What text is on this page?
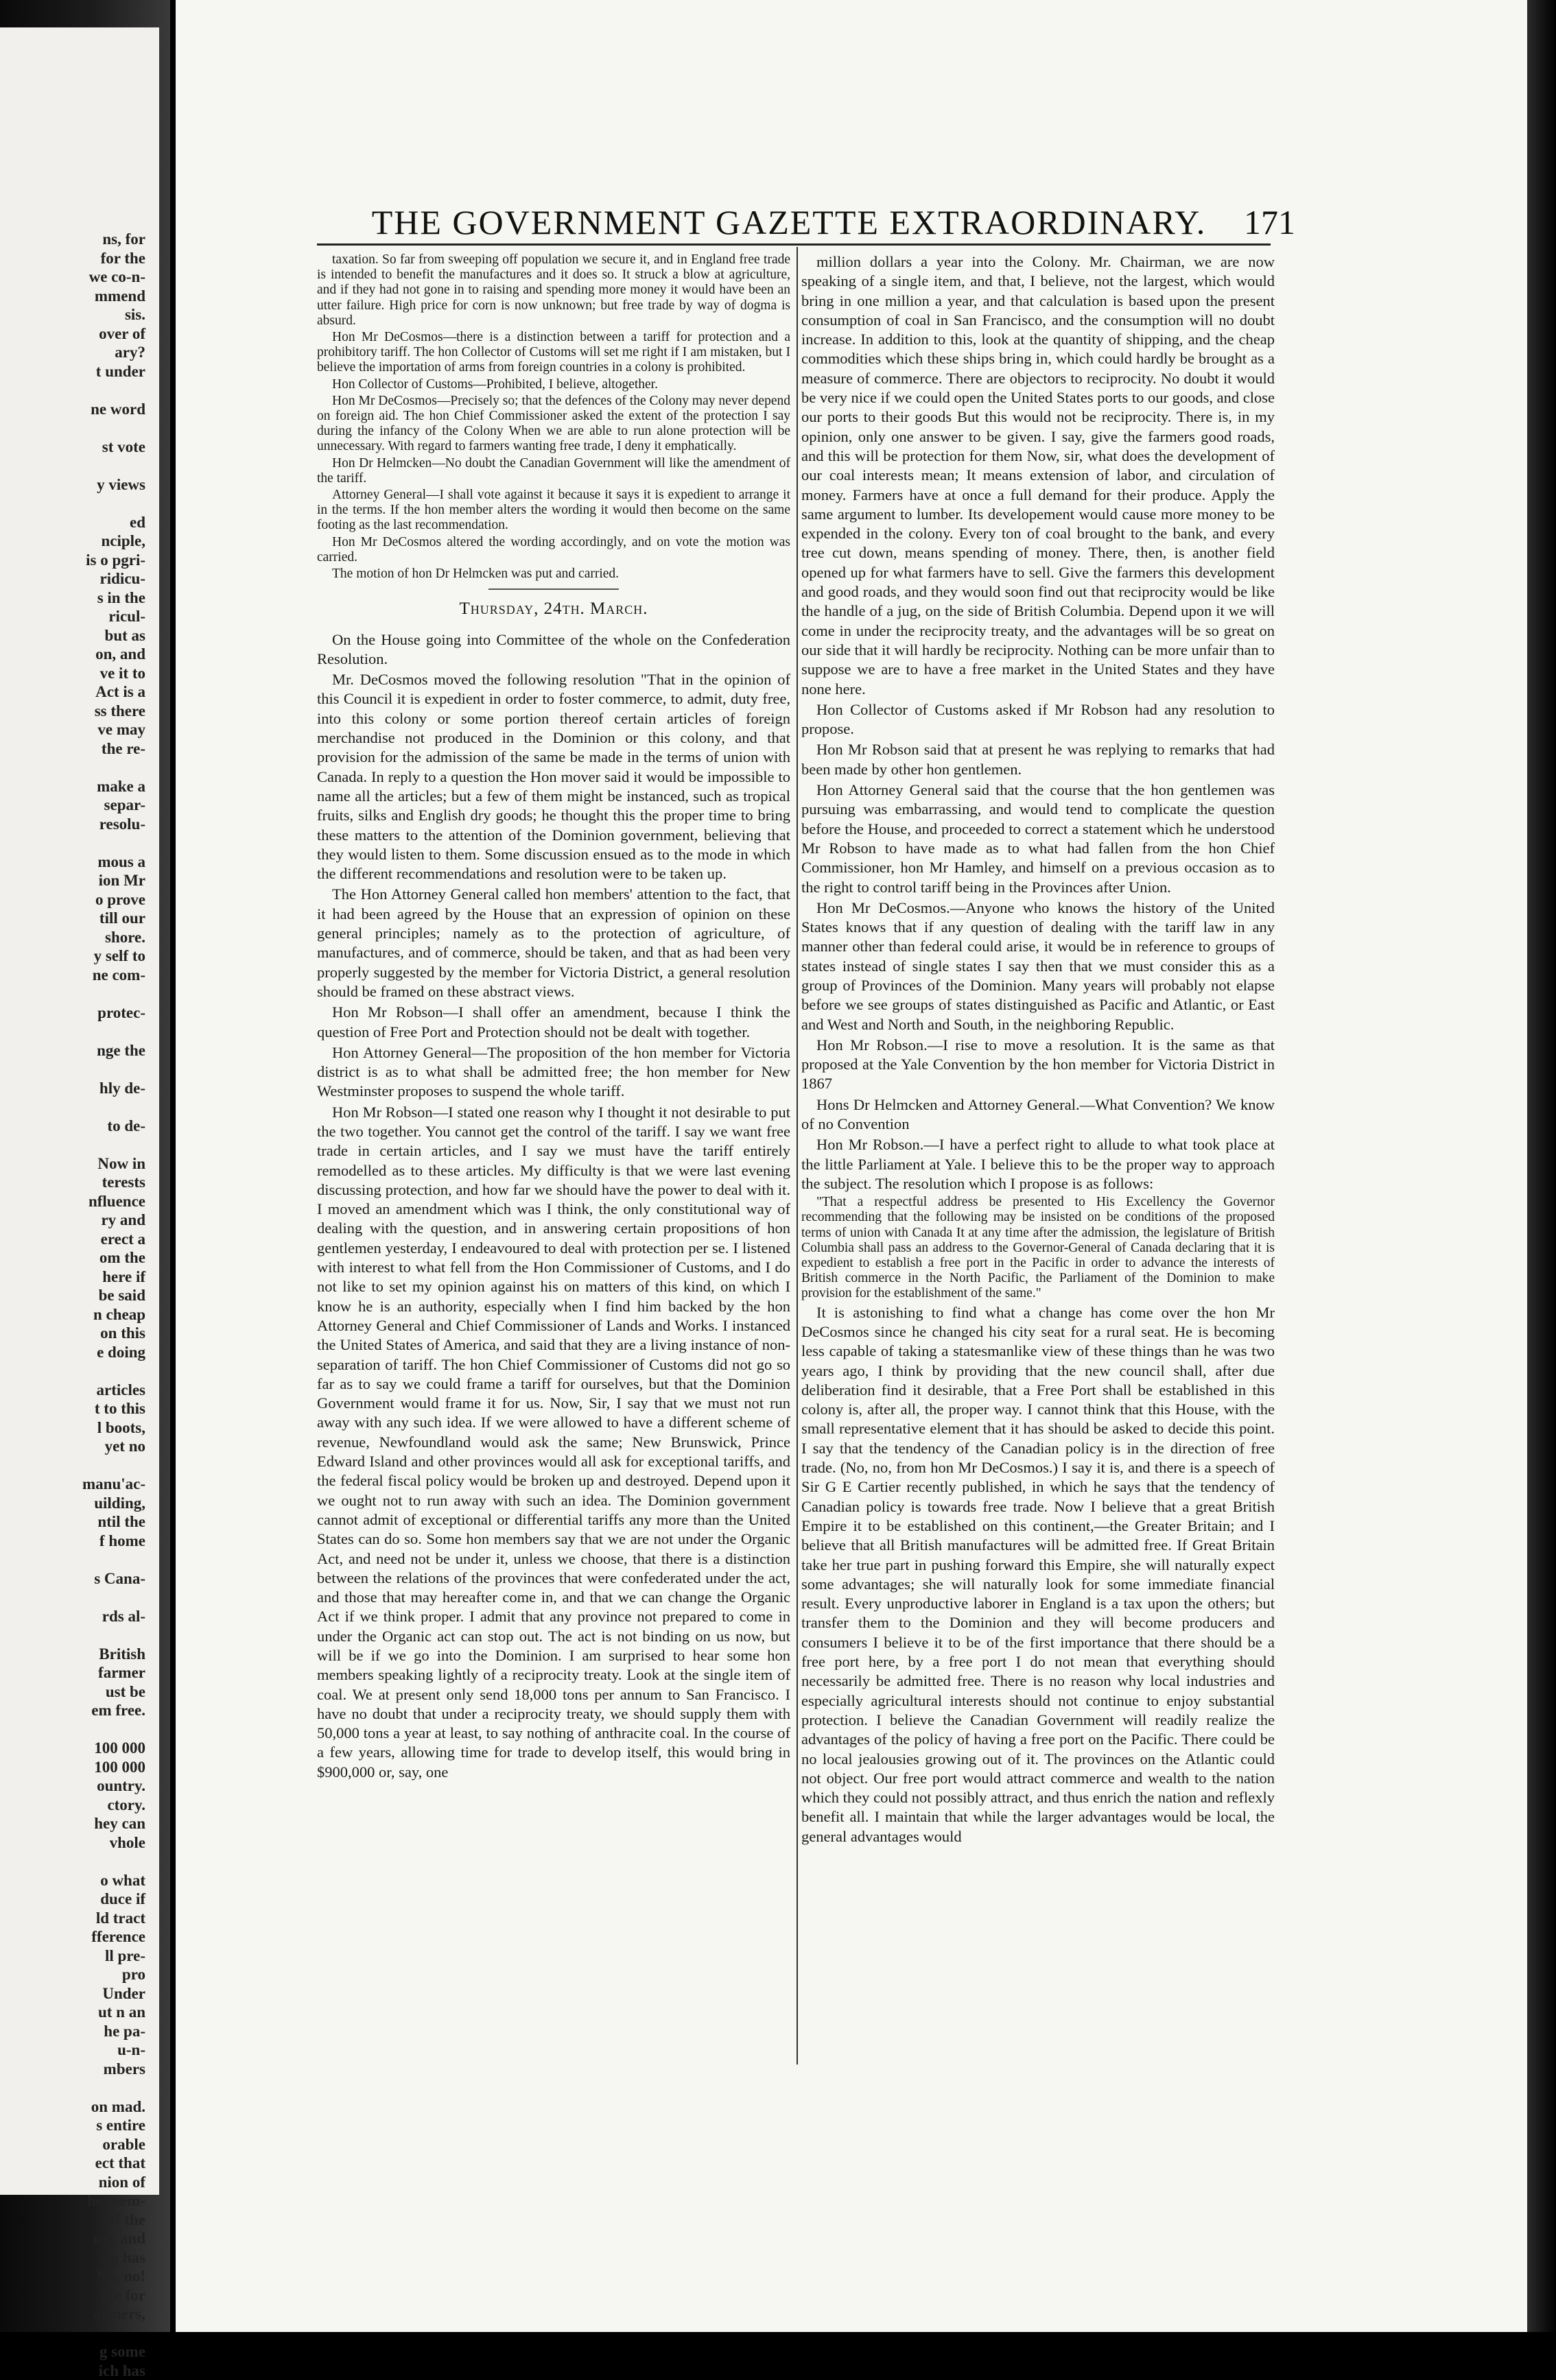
ns, for
for the
we co-n-
mmend
sis.
over of
ary?
t under
ne word
st vote
y views
ed
nciple,
is o pgri-
ridicu-
s in the
ricul-
but as
on, and
ve it to
Act is a
ss there
ve may
the re-
make a
separ-
resolu-
mous a
ion Mr
o prove
till our
shore.
y self to
ne com-
protec-
nge the
hly de-
to de-
Now in
terests
nfluence
ry and
erect a
om the
here if
be said
n cheap
on this
e doing
articles
t to this
l boots,
yet no
manu'ac-
uilding,
ntil the
f home
s Cana-
rds al-
British
farmer
ust be
em free.
100 000
100 000
ountry.
ctory.
hey can
vhole
o what
duce if
ld tract
fference
ll pre-
pro
Under
ut n an
he pa-
u-n-
mbers
on mad.
s entire
orable
ect that
nion of
he mem-
of the
ow, and
ng has
No, no!
rce for
armers,
g some
ich has
THE GOVERNMENT GAZETTE EXTRAORDINARY.	171

taxation. So far from sweeping off population we secure it, and in England free trade is intended to benefit the manufactures and it does so. It struck a blow at agriculture, and if they had not gone in to raising and spending more money it would have been an utter failure. High price for corn is now unknown; but free trade by way of dogma is absurd.

Hon Mr DeCosmos—there is a distinction between a tariff for protection and a prohibitory tariff. The hon Collector of Customs will set me right if I am mistaken, but I believe the importation of arms from foreign countries in a colony is prohibited.

Hon Collector of Customs—Prohibited, I believe, altogether.

Hon Mr DeCosmos—Precisely so; that the defences of the Colony may never depend on foreign aid. The hon Chief Commissioner asked the extent of the protection I say during the infancy of the Colony When we are able to run alone protection will be unnecessary. With regard to farmers wanting free trade, I deny it emphatically.

Hon Dr Helmcken—No doubt the Canadian Government will like the amendment of the tariff.

Attorney General—I shall vote against it because it says it is expedient to arrange it in the terms. If the hon member alters the wording it would then become on the same footing as the last recommendation.

Hon Mr DeCosmos altered the wording accordingly, and on vote the motion was carried.

The motion of hon Dr Helmcken was put and carried.

Thursday, 24th. March.

On the House going into Committee of the whole on the Confederation Resolution.

Mr. DeCosmos moved the following resolution "That in the opinion of this Council it is expedient in order to foster commerce, to admit, duty free, into this colony or some portion thereof certain articles of foreign merchandise not produced in the Dominion or this colony, and that provision for the admission of the same be made in the terms of union with Canada. In reply to a question the Hon mover said it would be impossible to name all the articles; but a few of them might be instanced, such as tropical fruits, silks and English dry goods; he thought this the proper time to bring these matters to the attention of the Dominion government, believing that they would listen to them. Some discussion ensued as to the mode in which the different recommendations and resolution were to be taken up.

The Hon Attorney General called hon members' attention to the fact, that it had been agreed by the House that an expression of opinion on these general principles; namely as to the protection of agriculture, of manufactures, and of commerce, should be taken, and that as had been very properly suggested by the member for Victoria District, a general resolution should be framed on these abstract views.

Hon Mr Robson—I shall offer an amendment, because I think the question of Free Port and Protection should not be dealt with together.

Hon Attorney General—The proposition of the hon member for Victoria district is as to what shall be admitted free; the hon member for New Westminster proposes to suspend the whole tariff.

Hon Mr Robson—I stated one reason why I thought it not desirable to put the two together. You cannot get the control of the tariff. I say we want free trade in certain articles, and I say we must have the tariff entirely remodelled as to these articles. My difficulty is that we were last evening discussing protection, and how far we should have the power to deal with it. I moved an amendment which was I think, the only constitutional way of dealing with the question, and in answering certain propositions of hon gentlemen yesterday, I endeavoured to deal with protection per se. I listened with interest to what fell from the Hon Commissioner of Customs, and I do not like to set my opinion against his on matters of this kind, on which I know he is an authority, especially when I find him backed by the hon Attorney General and Chief Commissioner of Lands and Works. I instanced the United States of America, and said that they are a living instance of non-separation of tariff. The hon Chief Commissioner of Customs did not go so far as to say we could frame a tariff for ourselves, but that the Dominion Government would frame it for us. Now, Sir, I say that we must not run away with any such idea. If we were allowed to have a different scheme of revenue, Newfoundland would ask the same; New Brunswick, Prince Edward Island and other provinces would all ask for exceptional tariffs, and the federal fiscal policy would be broken up and destroyed. Depend upon it we ought not to run away with such an idea. The Dominion government cannot admit of exceptional or differential tariffs any more than the United States can do so. Some hon members say that we are not under the Organic Act, and need not be under it, unless we choose, that there is a distinction between the relations of the provinces that were confederated under the act, and those that may hereafter come in, and that we can change the Organic Act if we think proper. I admit that any province not prepared to come in under the Organic act can stop out. The act is not binding on us now, but will be if we go into the Dominion. I am surprised to hear some hon members speaking lightly of a reciprocity treaty. Look at the single item of coal. We at present only send 18,000 tons per annum to San Francisco. I have no doubt that under a reciprocity treaty, we should supply them with 50,000 tons a year at least, to say nothing of anthracite coal. In the course of a few years, allowing time for trade to develop itself, this would bring in $900,000 or, say, one

million dollars a year into the Colony. Mr. Chairman, we are now speaking of a single item, and that, I believe, not the largest, which would bring in one million a year, and that calculation is based upon the present consumption of coal in San Francisco, and the consumption will no doubt increase. In addition to this, look at the quantity of shipping, and the cheap commodities which these ships bring in, which could hardly be brought as a measure of commerce. There are objectors to reciprocity. No doubt it would be very nice if we could open the United States ports to our goods, and close our ports to their goods But this would not be reciprocity. There is, in my opinion, only one answer to be given. I say, give the farmers good roads, and this will be protection for them Now, sir, what does the development of our coal interests mean; It means extension of labor, and circulation of money. Farmers have at once a full demand for their produce. Apply the same argument to lumber. Its developement would cause more money to be expended in the colony. Every ton of coal brought to the bank, and every tree cut down, means spending of money. There, then, is another field opened up for what farmers have to sell. Give the farmers this development and good roads, and they would soon find out that reciprocity would be like the handle of a jug, on the side of British Columbia. Depend upon it we will come in under the reciprocity treaty, and the advantages will be so great on our side that it will hardly be reciprocity. Nothing can be more unfair than to suppose we are to have a free market in the United States and they have none here.

Hon Collector of Customs asked if Mr Robson had any resolution to propose.

Hon Mr Robson said that at present he was replying to remarks that had been made by other hon gentlemen.

Hon Attorney General said that the course that the hon gentlemen was pursuing was embarrassing, and would tend to complicate the question before the House, and proceeded to correct a statement which he understood Mr Robson to have made as to what had fallen from the hon Chief Commissioner, hon Mr Hamley, and himself on a previous occasion as to the right to control tariff being in the Provinces after Union.

Hon Mr DeCosmos.—Anyone who knows the history of the United States knows that if any question of dealing with the tariff law in any manner other than federal could arise, it would be in reference to groups of states instead of single states I say then that we must consider this as a group of Provinces of the Dominion. Many years will probably not elapse before we see groups of states distinguished as Pacific and Atlantic, or East and West and North and South, in the neighboring Republic.

Hon Mr Robson.—I rise to move a resolution. It is the same as that proposed at the Yale Convention by the hon member for Victoria District in 1867

Hons Dr Helmcken and Attorney General.—What Convention? We know of no Convention

Hon Mr Robson.—I have a perfect right to allude to what took place at the little Parliament at Yale. I believe this to be the proper way to approach the subject. The resolution which I propose is as follows:

"That a respectful address be presented to His Excellency the Governor recommending that the following may be insisted on be conditions of the proposed terms of union with Canada It at any time after the admission, the legislature of British Columbia shall pass an address to the Governor-General of Canada declaring that it is expedient to establish a free port in the Pacific in order to advance the interests of British commerce in the North Pacific, the Parliament of the Dominion to make provision for the establishment of the same."

It is astonishing to find what a change has come over the hon Mr DeCosmos since he changed his city seat for a rural seat. He is becoming less capable of taking a statesmanlike view of these things than he was two years ago, I think by providing that the new council shall, after due deliberation find it desirable, that a Free Port shall be established in this colony is, after all, the proper way. I cannot think that this House, with the small representative element that it has should be asked to decide this point. I say that the tendency of the Canadian policy is in the direction of free trade. (No, no, from hon Mr DeCosmos.) I say it is, and there is a speech of Sir G E Cartier recently published, in which he says that the tendency of Canadian policy is towards free trade. Now I believe that a great British Empire it to be established on this continent,—the Greater Britain; and I believe that all British manufactures will be admitted free. If Great Britain take her true part in pushing forward this Empire, she will naturally expect some advantages; she will naturally look for some immediate financial result. Every unproductive laborer in England is a tax upon the others; but transfer them to the Dominion and they will become producers and consumers I believe it to be of the first importance that there should be a free port here, by a free port I do not mean that everything should necessarily be admitted free. There is no reason why local industries and especially agricultural interests should not continue to enjoy substantial protection. I believe the Canadian Government will readily realize the advantages of the policy of having a free port on the Pacific. There could be no local jealousies growing out of it. The provinces on the Atlantic could not object. Our free port would attract commerce and wealth to the nation which they could not possibly attract, and thus enrich the nation and reflexly benefit all. I maintain that while the larger advantages would be local, the general advantages would
